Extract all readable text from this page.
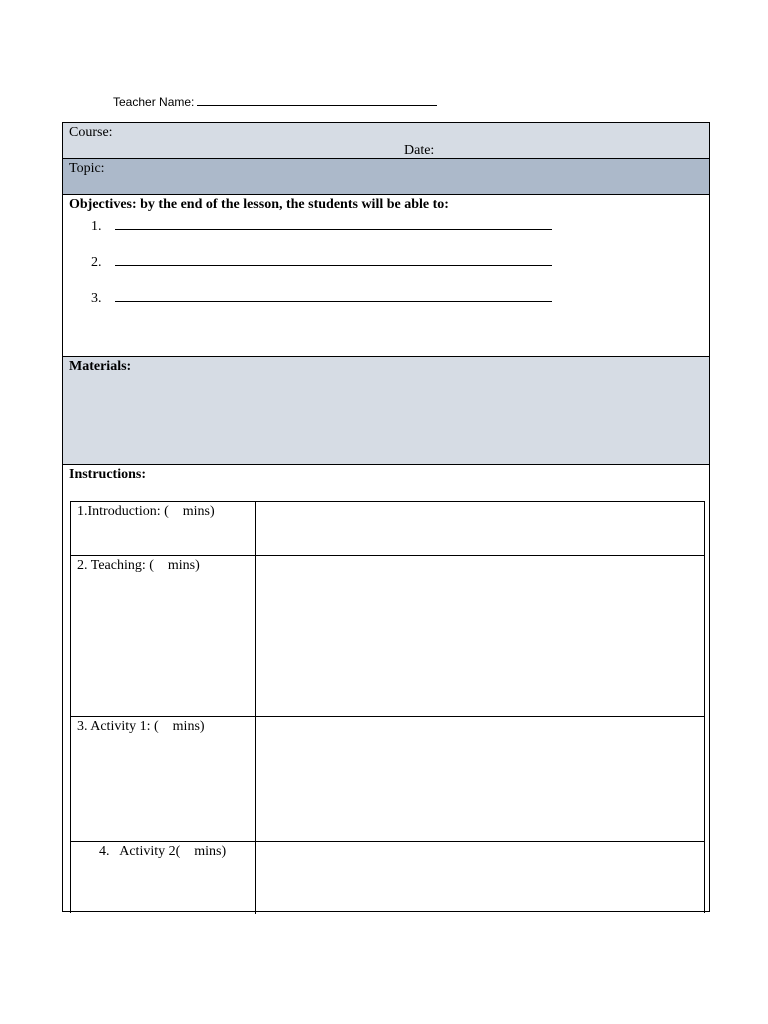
Teacher Name:
Course:
Date:
Topic:
Objectives: by the end of the lesson, the students will be able to:
1.
2.
3.
Materials:
Instructions:
1.Introduction: (    mins)
2. Teaching: (    mins)
3. Activity 1: (    mins)
4.   Activity 2(    mins)
